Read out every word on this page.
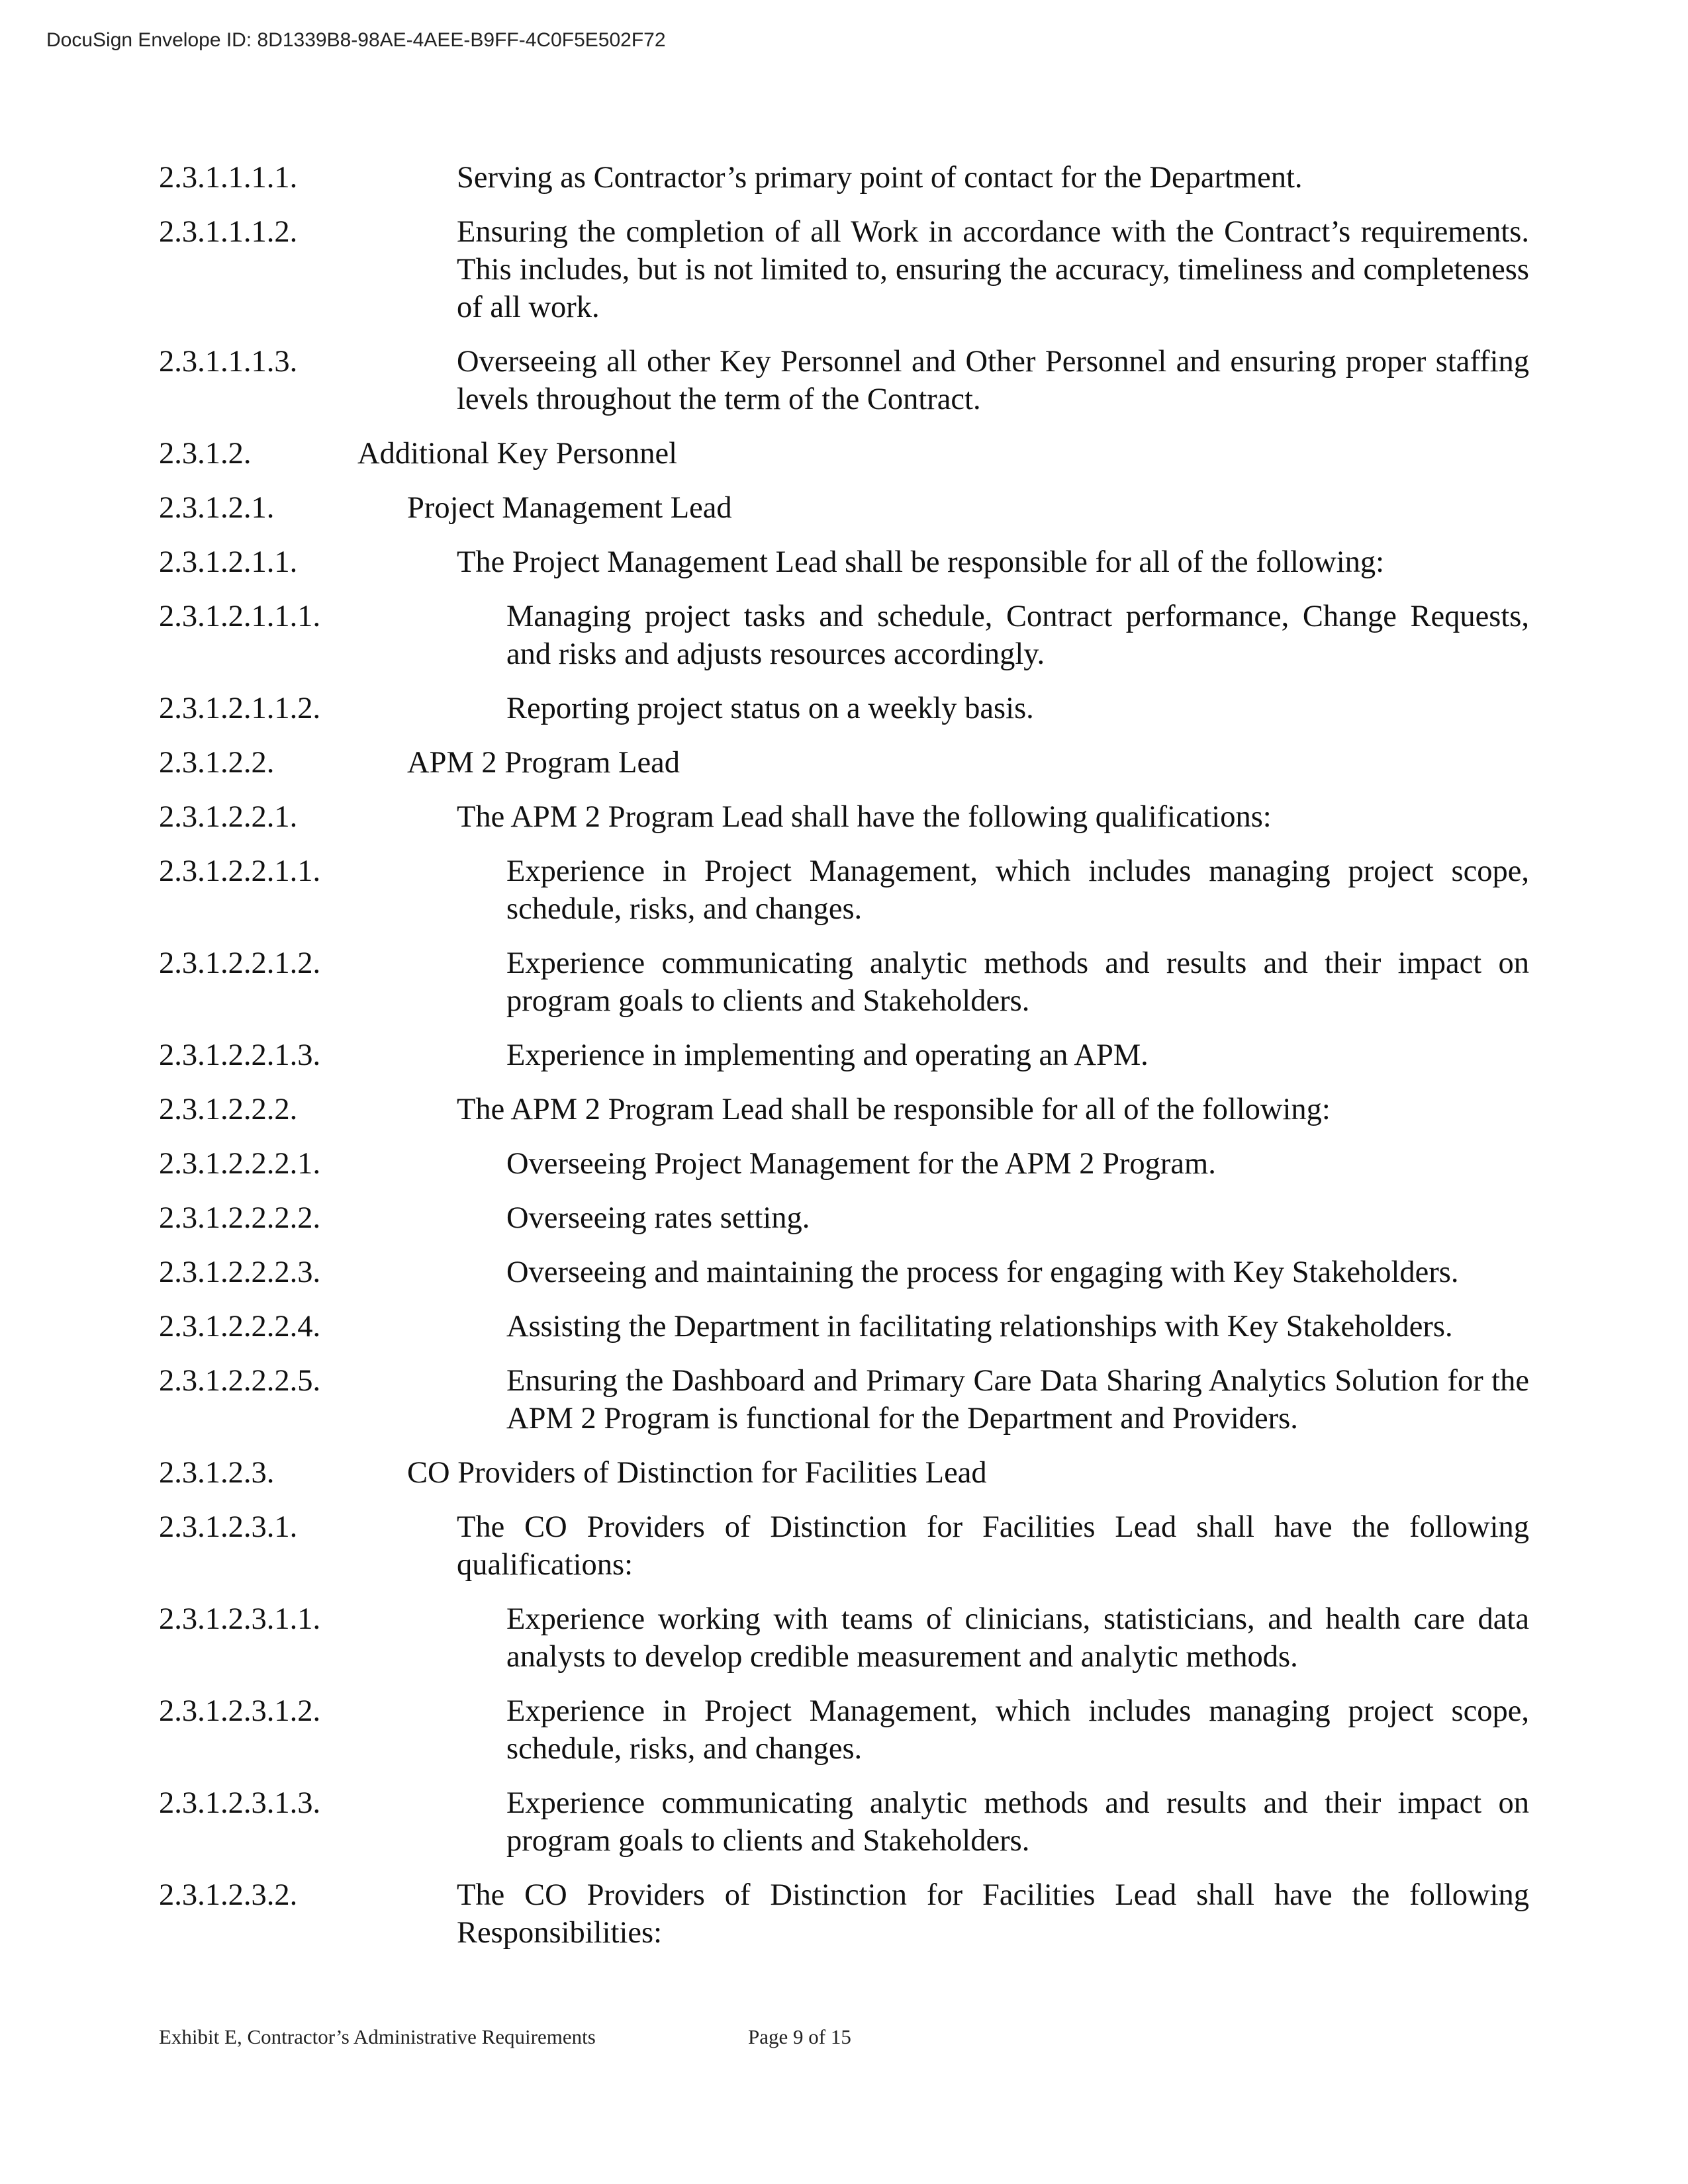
DocuSign Envelope ID: 8D1339B8-98AE-4AEE-B9FF-4C0F5E502F72
2.3.1.1.1.1.	Serving as Contractor’s primary point of contact for the Department.
2.3.1.1.1.2.	Ensuring the completion of all Work in accordance with the Contract’s requirements. This includes, but is not limited to, ensuring the accuracy, timeliness and completeness of all work.
2.3.1.1.1.3.	Overseeing all other Key Personnel and Other Personnel and ensuring proper staffing levels throughout the term of the Contract.
2.3.1.2.	Additional Key Personnel
2.3.1.2.1.	Project Management Lead
2.3.1.2.1.1.	The Project Management Lead shall be responsible for all of the following:
2.3.1.2.1.1.1.	Managing project tasks and schedule, Contract performance, Change Requests, and risks and adjusts resources accordingly.
2.3.1.2.1.1.2.	Reporting project status on a weekly basis.
2.3.1.2.2.	APM 2 Program Lead
2.3.1.2.2.1.	The APM 2 Program Lead shall have the following qualifications:
2.3.1.2.2.1.1.	Experience in Project Management, which includes managing project scope, schedule, risks, and changes.
2.3.1.2.2.1.2.	Experience communicating analytic methods and results and their impact on program goals to clients and Stakeholders.
2.3.1.2.2.1.3.	Experience in implementing and operating an APM.
2.3.1.2.2.2.	The APM 2 Program Lead shall be responsible for all of the following:
2.3.1.2.2.2.1.	Overseeing Project Management for the APM 2 Program.
2.3.1.2.2.2.2.	Overseeing rates setting.
2.3.1.2.2.2.3.	Overseeing and maintaining the process for engaging with Key Stakeholders.
2.3.1.2.2.2.4.	Assisting the Department in facilitating relationships with Key Stakeholders.
2.3.1.2.2.2.5.	Ensuring the Dashboard and Primary Care Data Sharing Analytics Solution for the APM 2 Program is functional for the Department and Providers.
2.3.1.2.3.	CO Providers of Distinction for Facilities Lead
2.3.1.2.3.1.	The CO Providers of Distinction for Facilities Lead shall have the following qualifications:
2.3.1.2.3.1.1.	Experience working with teams of clinicians, statisticians, and health care data analysts to develop credible measurement and analytic methods.
2.3.1.2.3.1.2.	Experience in Project Management, which includes managing project scope, schedule, risks, and changes.
2.3.1.2.3.1.3.	Experience communicating analytic methods and results and their impact on program goals to clients and Stakeholders.
2.3.1.2.3.2.	The CO Providers of Distinction for Facilities Lead shall have the following Responsibilities:
Exhibit E, Contractor’s Administrative Requirements	Page 9 of 15
